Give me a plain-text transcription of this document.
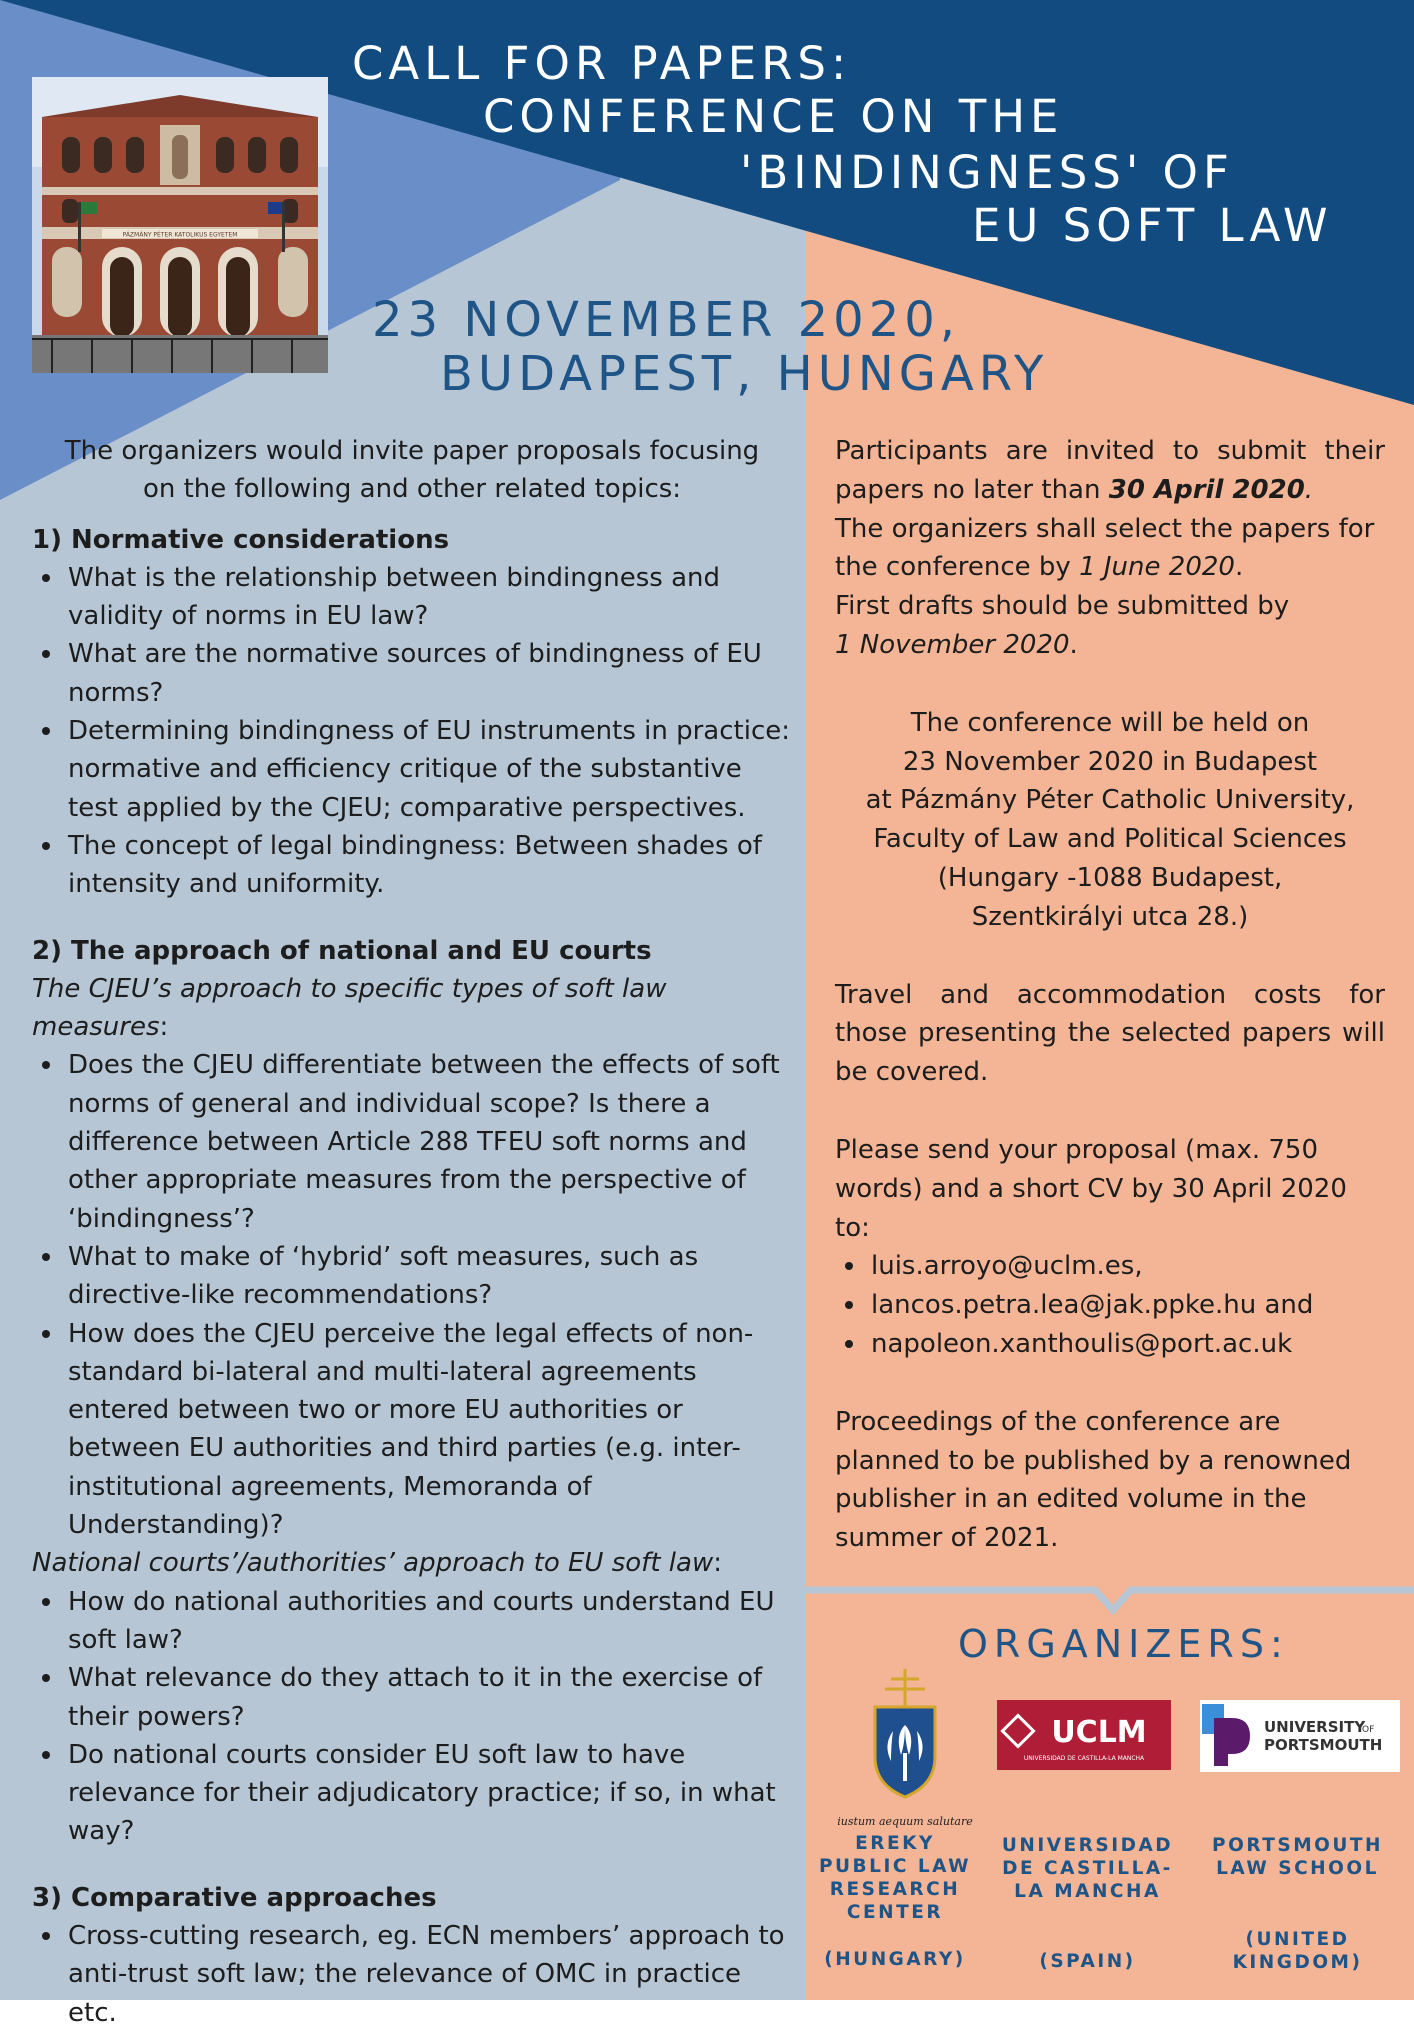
CALL FOR PAPERS:
CONFERENCE ON THE
'BINDINGNESS' OF
EU SOFT LAW
23 NOVEMBER 2020,
BUDAPEST, HUNGARY
PÁZMÁNY PÉTER KATOLIKUS EGYETEM

The organizers would invite paper proposals focusing on the following and other related topics:

1) Normative considerations

What is the relationship between bindingness and validity of norms in EU law?
What are the normative sources of bindingness of EU norms?
Determining bindingness of EU instruments in practice: normative and efficiency critique of the substantive test applied by the CJEU; comparative perspectives.
The concept of legal bindingness: Between shades of intensity and uniformity.

2) The approach of national and EU courts

The CJEU’s approach to specific types of soft law measures:

Does the CJEU differentiate between the effects of soft norms of general and individual scope? Is there a difference between Article 288 TFEU soft norms and other appropriate measures from the perspective of ‘bindingness’?
What to make of ‘hybrid’ soft measures, such as directive-like recommendations?
How does the CJEU perceive the legal effects of non-standard bi-lateral and multi-lateral agreements entered between two or more EU authorities or between EU authorities and third parties (e.g. inter-institutional agreements, Memoranda of Understanding)?

National courts’/authorities’ approach to EU soft law:

How do national authorities and courts understand EU soft law?
What relevance do they attach to it in the exercise of their powers?
Do national courts consider EU soft law to have relevance for their adjudicatory practice; if so, in what way?

3) Comparative approaches

Cross-cutting research, eg. ECN members’ approach to anti-trust soft law; the relevance of OMC in practice etc.

Participants are invited to submit their papers no later than 30 April 2020.

The organizers shall select the papers for the conference by 1 June 2020.

First drafts should be submitted by
1 November 2020.

The conference will be held on

23 November 2020 in Budapest

at Pázmány Péter Catholic University,

Faculty of Law and Political Sciences

(Hungary -1088 Budapest,

Szentkirályi utca 28.)

Travel and accommodation costs for those presenting the selected papers will be covered.

Please send your proposal (max. 750 words) and a short CV by 30 April 2020 to:

luis.arroyo@uclm.es,
lancos.petra.lea@jak.ppke.hu and
napoleon.xanthoulis@port.ac.uk

Proceedings of the conference are planned to be published by a renowned publisher in an edited volume in the summer of 2021.

ORGANIZERS:
iustum aequum salutare
UCLM
UNIVERSIDAD DE CASTILLA-LA MANCHA
UNIVERSITY
OF
PORTSMOUTH
EREKY
PUBLIC LAW
RESEARCH
CENTER
(HUNGARY)
UNIVERSIDAD
DE CASTILLA-
LA MANCHA
(SPAIN)
PORTSMOUTH
LAW SCHOOL
(UNITED
KINGDOM)
